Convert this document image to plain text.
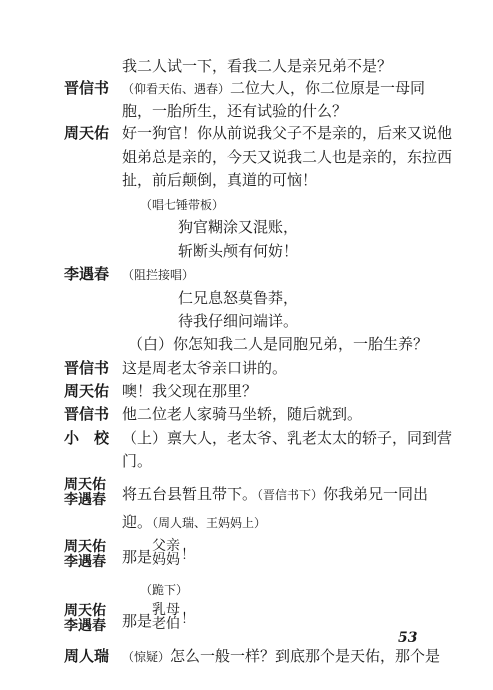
我二人试一下，看我二人是亲兄弟不是？
晋信书 （仰看天佑、遇春）二位大人，你二位原是一母同
胞，一胎所生，还有试验的什么？
周天佑 好一狗官！你从前说我父子不是亲的，后来又说他
姐弟总是亲的，今天又说我二人也是亲的，东拉西
扯，前后颠倒，真道的可恼！
（唱七锤带板）
狗官糊涂又混账，
斩断头颅有何妨！
李遇春 （阻拦接唱）
仁兄息怒莫鲁莽，
待我仔细问端详。
（白）你怎知我二人是同胞兄弟，一胎生养？
晋信书 这是周老太爷亲口讲的。
周天佑 噢！我父现在那里？
晋信书 他二位老人家骑马坐轿，随后就到。
小　校 （上）禀大人，老太爷、乳老太太的轿子，同到营
门。
周天佑
李遇春 将五台县暂且带下。（晋信书下）你我弟兄一同出
迎。（周人瑞、王妈妈上）
周天佑
李遇春 那是
父亲
妈妈 ！
（跪下）
周天佑
李遇春 那是
乳母
老伯 ！
周人瑞 （惊疑）怎么一般一样？到底那个是天佑，那个是
53
